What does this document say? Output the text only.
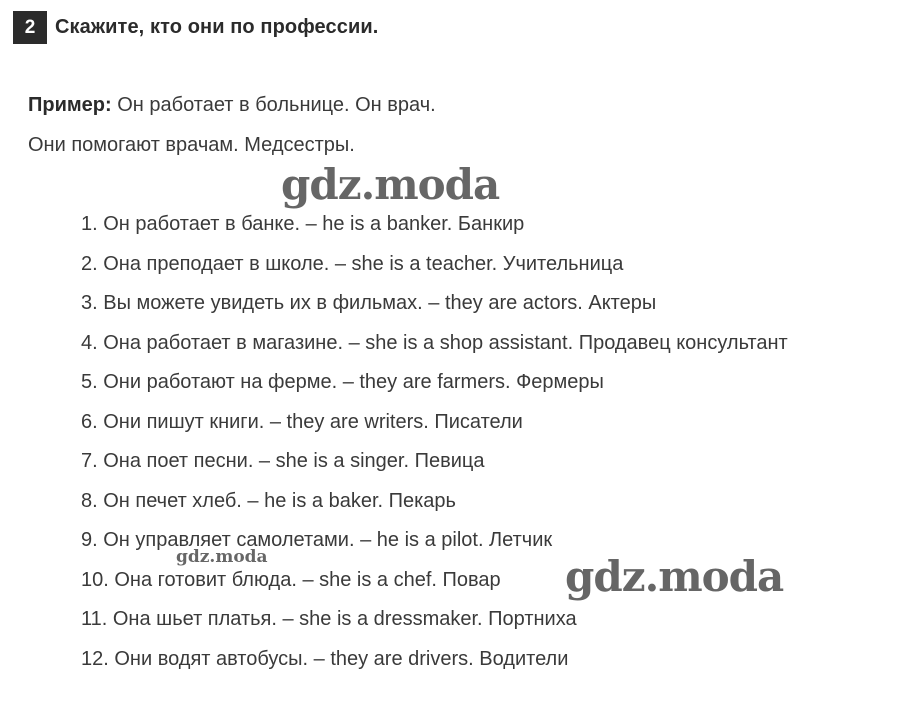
2 Скажите, кто они по профессии.
Пример: Он работает в больнице. Он врач.
Они помогают врачам. Медсестры.
1. Он работает в банке. – he is a banker. Банкир
2. Она преподает в школе. – she is a teacher. Учительница
3. Вы можете увидеть их в фильмах. – they are actors. Актеры
4. Она работает в магазине. – she is a shop assistant. Продавец консультант
5. Они работают на ферме. – they are farmers. Фермеры
6. Они пишут книги. – they are writers. Писатели
7. Она поет песни. – she is a singer. Певица
8. Он печет хлеб. – he is a baker. Пекарь
9. Он управляет самолетами. – he is a pilot. Летчик
10. Она готовит блюда. – she is a chef. Повар
11. Она шьет платья. – she is a dressmaker. Портниха
12. Они водят автобусы. – they are drivers. Водители
gdz.moda
gdz.moda	gdz.moda
